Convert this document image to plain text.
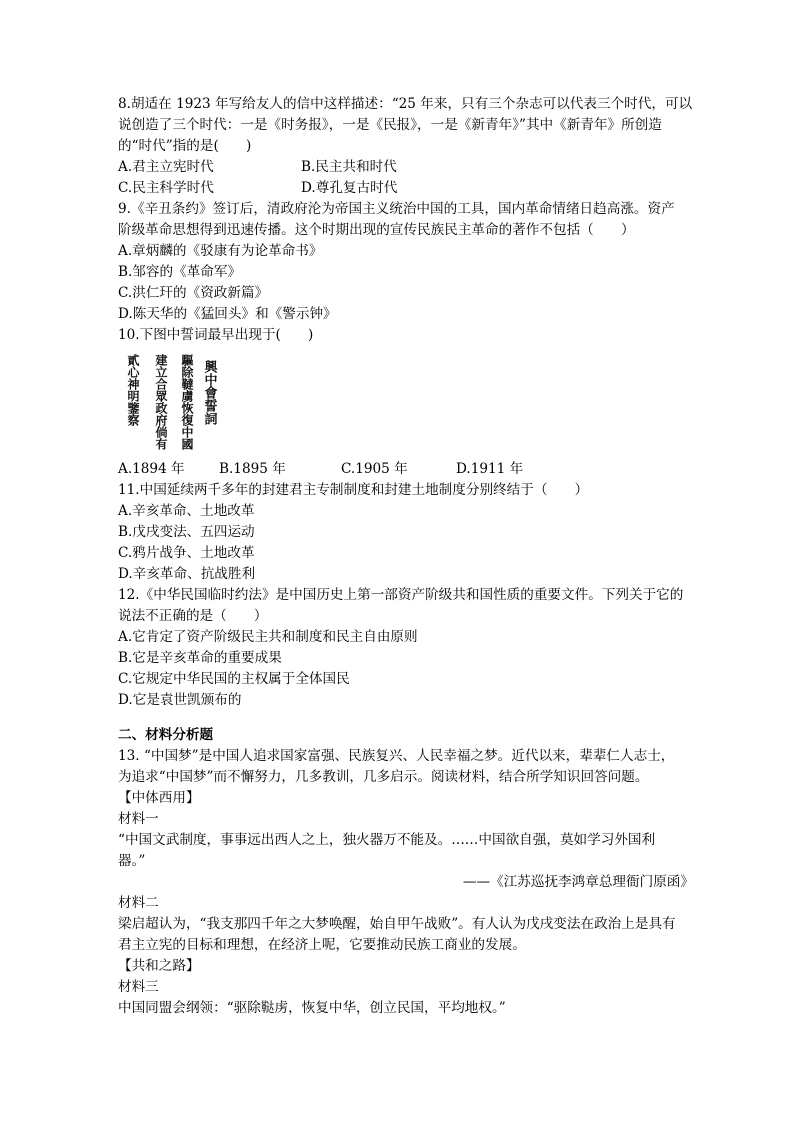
8.胡适在 1923 年写给友人的信中这样描述：“25 年来，只有三个杂志可以代表三个时代，可以
说创造了三个时代：一是《时务报》，一是《民报》，一是《新青年》”其中《新青年》所创造
的“时代”指的是(　　)
A.君主立宪时代	B.民主共和时代
C.民主科学时代	D.尊孔复古时代
9.《辛丑条约》签订后，清政府沦为帝国主义统治中国的工具，国内革命情绪日趋高涨。资产
阶级革命思想得到迅速传播。这个时期出现的宣传民族民主革命的著作不包括（　　）
A.章炳麟的《驳康有为论革命书》
B.邹容的《革命军》
C.洪仁玕的《资政新篇》
D.陈天华的《猛回头》和《警示钟》
10.下图中誓词最早出现于(　　)
興中會誓詞
驅除韃虜恢復中國
建立合眾政府倘有
貳心神明鑒察
A.1894 年	B.1895 年	C.1905 年	D.1911 年
11.中国延续两千多年的封建君主专制制度和封建土地制度分别终结于（　　）
A.辛亥革命、土地改革
B.戊戌变法、五四运动
C.鸦片战争、土地改革
D.辛亥革命、抗战胜利
12.《中华民国临时约法》是中国历史上第一部资产阶级共和国性质的重要文件。下列关于它的
说法不正确的是（　　）
A.它肯定了资产阶级民主共和制度和民主自由原则
B.它是辛亥革命的重要成果
C.它规定中华民国的主权属于全体国民
D.它是袁世凯颁布的
二、材料分析题
13. “中国梦”是中国人追求国家富强、民族复兴、人民幸福之梦。近代以来，辈辈仁人志士，
为追求“中国梦”而不懈努力，几多教训，几多启示。阅读材料，结合所学知识回答问题。
【中体西用】
材料一
“中国文武制度，事事远出西人之上，独火器万不能及。……中国欲自强，莫如学习外国利
器。”
——《江苏巡抚李鸿章总理衙门原函》
材料二
梁启超认为，“我支那四千年之大梦唤醒，始自甲午战败”。有人认为戊戌变法在政治上是具有
君主立宪的目标和理想，在经济上呢，它要推动民族工商业的发展。
【共和之路】
材料三
中国同盟会纲领：“驱除鞑虏，恢复中华，创立民国，平均地权。”
